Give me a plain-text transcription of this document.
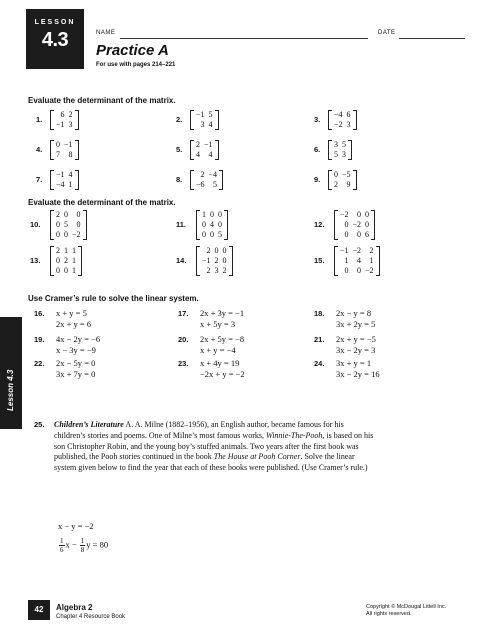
LESSON
4.3	NAME	DATE
Practice A
For use with pages 214–221
Evaluate the determinant of the matrix.
1.
6	2
−1	3
2.
−1	5
3	4
3.
−4	6
−2	3
4.
0	−1
7	8
5.
2	−1
4	4
6.
3	5
5	3
7.
−1	4
−4	1
8.
2	−4
−6	5
9.
0	−5
2	9
Evaluate the determinant of the matrix.
10.
2	0	0
0	5	0
0	0	−2
11.
1	0	0
0	4	0
0	0	5
12.
−2	0	0
0	−2	0
0	0	6
13.
2	1	1
0	2	1
0	0	1
14.
2	0	0
−1	2	0
2	3	2
15.
−1	−2	2
1	4	1
0	0	−2
Use Cramer’s rule to solve the linear system.
16. x + y = 5
2x + y = 6
17. 2x + 3y = −1
x + 5y = 3
18. 2x − y = 8
3x + 2y = 5
19. 4x − 2y = −6
x − 3y = −9
20. 2x + 5y = −8
x + y = −4
21. 2x + y = −5
3x − 2y = 3
22. 2x − 5y = 0
3x + 7y = 0
23. x + 4y = 19
−2x + y = −2
24. 3x + y = 1
3x − 2y = 16
Lesson 4.3
25. Children’s Literature A. A. Milne (1882–1956), an English author, became famous for his children’s stories and poems. One of Milne’s most famous works, Winnie-The-Pooh, is based on his son Christopher Robin, and the young boy’s stuffed animals. Two years after the first book was published, the Pooh stories continued in the book The House at Pooh Corner. Solve the linear system given below to find the year that each of these books were published. (Use Cramer’s rule.)
x − y = −2
$\frac{1}{6}$ $x - \frac{1}{8}$ y = 80
42	Algebra 2
Chapter 4 Resource Book
Copyright © McDougal Littell Inc.
All rights reserved.
